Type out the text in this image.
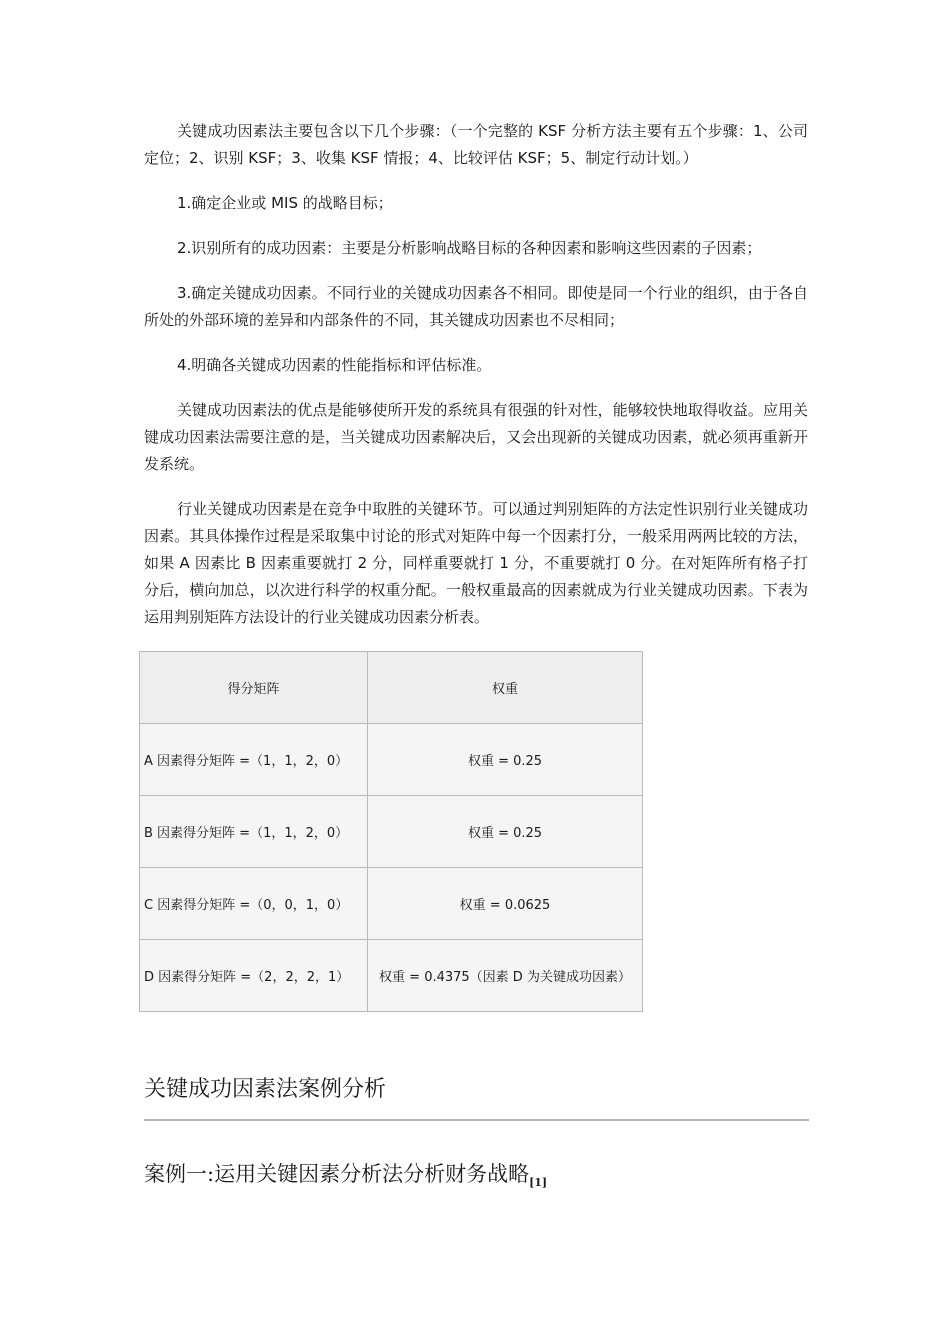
关键成功因素法主要包含以下几个步骤：（一个完整的 KSF 分析方法主要有五个步骤：1、公司定位；2、识别 KSF；3、收集 KSF 情报；4、比较评估 KSF；5、制定行动计划。）

1.确定企业或 MIS 的战略目标；

2.识别所有的成功因素：主要是分析影响战略目标的各种因素和影响这些因素的子因素；

3.确定关键成功因素。不同行业的关键成功因素各不相同。即使是同一个行业的组织，由于各自所处的外部环境的差异和内部条件的不同，其关键成功因素也不尽相同；

4.明确各关键成功因素的性能指标和评估标准。

关键成功因素法的优点是能够使所开发的系统具有很强的针对性，能够较快地取得收益。应用关键成功因素法需要注意的是，当关键成功因素解决后，又会出现新的关键成功因素，就必须再重新开发系统。

行业关键成功因素是在竞争中取胜的关键环节。可以通过判别矩阵的方法定性识别行业关键成功因素。其具体操作过程是采取集中讨论的形式对矩阵中每一个因素打分，一般采用两两比较的方法，如果 A 因素比 B 因素重要就打 2 分，同样重要就打 1 分，不重要就打 0 分。在对矩阵所有格子打分后，横向加总，以次进行科学的权重分配。一般权重最高的因素就成为行业关键成功因素。下表为运用判别矩阵方法设计的行业关键成功因素分析表。

得分矩阵	权重
A 因素得分矩阵 =（1，1，2，0）	权重 = 0.25
B 因素得分矩阵 =（1，1，2，0）	权重 = 0.25
C 因素得分矩阵 =（0，0，1，0）	权重 = 0.0625
D 因素得分矩阵 =（2，2，2，1）	权重 = 0.4375（因素 D 为关键成功因素）
关键成功因素法案例分析
案例一:运用关键因素分析法分析财务战略[1]
